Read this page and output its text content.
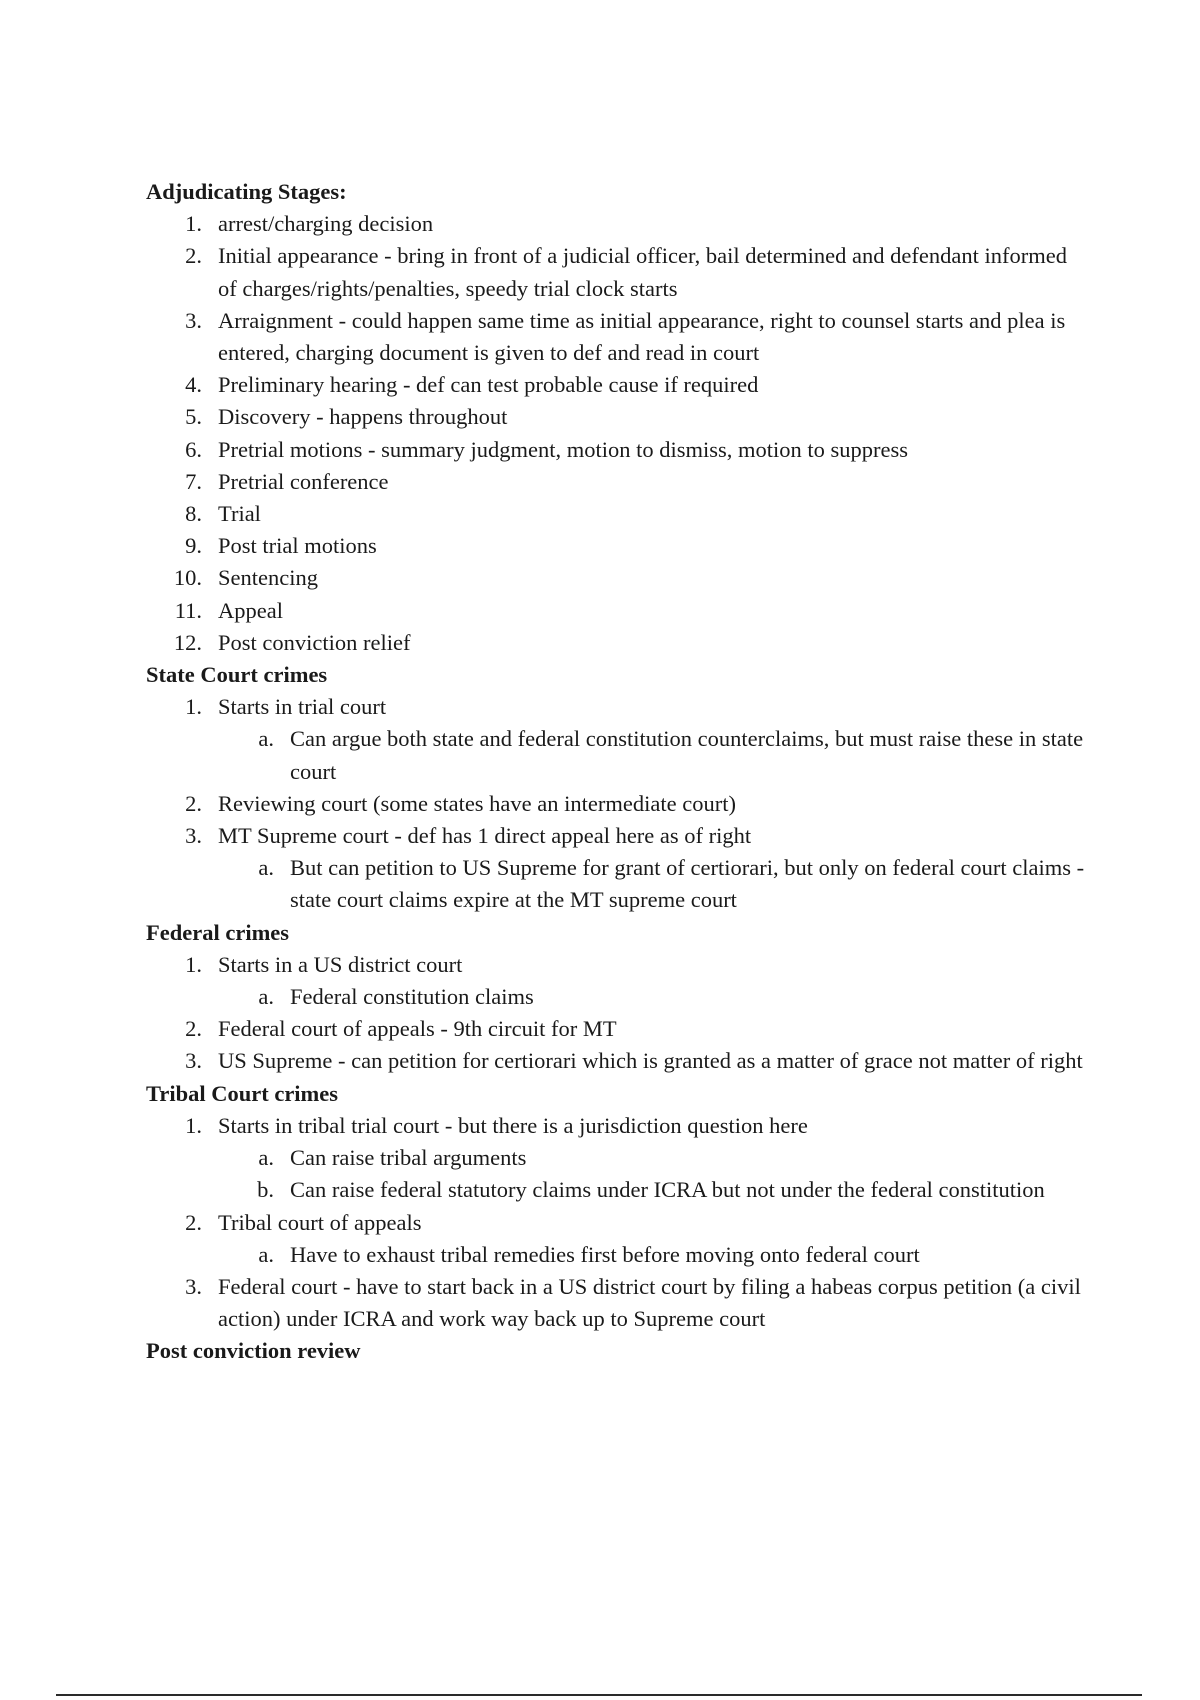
Adjudicating Stages:
1. arrest/charging decision
2. Initial appearance - bring in front of a judicial officer, bail determined and defendant informed of charges/rights/penalties, speedy trial clock starts
3. Arraignment - could happen same time as initial appearance, right to counsel starts and plea is entered, charging document is given to def and read in court
4. Preliminary hearing - def can test probable cause if required
5. Discovery - happens throughout
6. Pretrial motions - summary judgment, motion to dismiss, motion to suppress
7. Pretrial conference
8. Trial
9. Post trial motions
10. Sentencing
11. Appeal
12. Post conviction relief
State Court crimes
1. Starts in trial court
a. Can argue both state and federal constitution counterclaims, but must raise these in state court
2. Reviewing court (some states have an intermediate court)
3. MT Supreme court - def has 1 direct appeal here as of right
a. But can petition to US Supreme for grant of certiorari, but only on federal court claims - state court claims expire at the MT supreme court
Federal crimes
1. Starts in a US district court
a. Federal constitution claims
2. Federal court of appeals - 9th circuit for MT
3. US Supreme - can petition for certiorari which is granted as a matter of grace not matter of right
Tribal Court crimes
1. Starts in tribal trial court - but there is a jurisdiction question here
a. Can raise tribal arguments
b. Can raise federal statutory claims under ICRA but not under the federal constitution
2. Tribal court of appeals
a. Have to exhaust tribal remedies first before moving onto federal court
3. Federal court - have to start back in a US district court by filing a habeas corpus petition (a civil action) under ICRA and work way back up to Supreme court
Post conviction review
